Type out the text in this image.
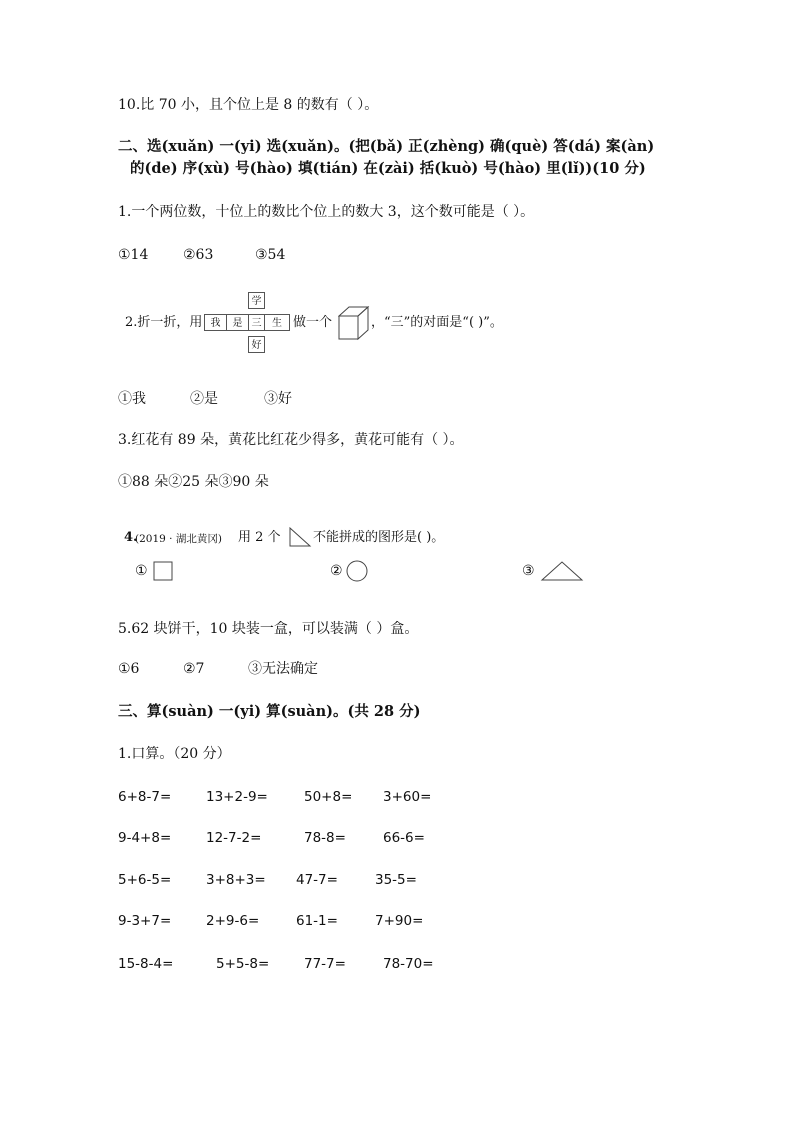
10.比 70 小，且个位上是 8 的数有（ ）。
二、选(xuǎn) 一(yi) 选(xuǎn)。(把(bǎ) 正(zhèng) 确(què) 答(dá) 案(àn)
的(de) 序(xù) 号(hào) 填(tián) 在(zài) 括(kuò) 号(hào) 里(lǐ))(10 分)
1.一个两位数，十位上的数比个位上的数大 3，这个数可能是（ ）。
①14 ②63	③54
2.折一折，用
学
我	是 三	生
好
做一个	，“三”的对面是“( )”。
①我	②是	③好
3.红花有 89 朵，黄花比红花少得多，黄花可能有（ ）。
①88 朵②25 朵③90 朵
4.
(2019 · 湖北黄冈) 用 2 个 不能拼成的图形是( )。
①	②	③
5.62 块饼干，10 块装一盒，可以装满（ ）盒。
①6	②7	③无法确定
三、算(suàn) 一(yi) 算(suàn)。(共 28 分)
1.口算。（20 分）
6+8-7=	13+2-9=	50+8= 3+60=
9-4+8=	12-7-2=	78-8=	66-6=
5+6-5=	3+8+3= 47-7=	35-5=
9-3+7=	2+9-6=	61-1=	7+90=
15-8-4=	5+5-8=	77-7=	78-70=
